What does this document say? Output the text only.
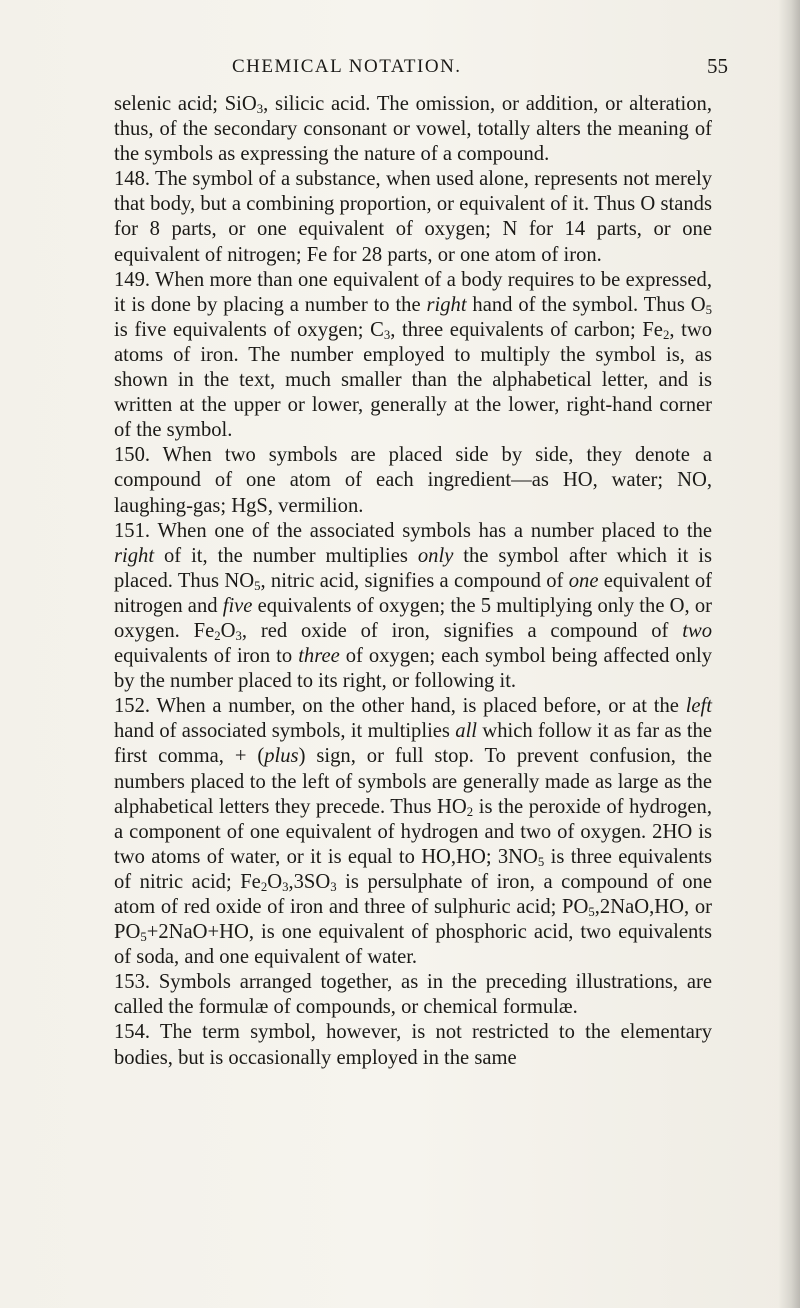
CHEMICAL NOTATION.	55

selenic acid; SiO$_3$, silicic acid. The omission, or addition, or alteration, thus, of the secondary consonant or vowel, totally alters the meaning of the symbols as expressing the nature of a compound.

148. The symbol of a substance, when used alone, represents not merely that body, but a combining proportion, or equivalent of it. Thus O stands for 8 parts, or one equivalent of oxygen; N for 14 parts, or one equivalent of nitrogen; Fe for 28 parts, or one atom of iron.

149. When more than one equivalent of a body requires to be expressed, it is done by placing a number to the right hand of the symbol. Thus $O_5$ is five equivalents of oxygen; $C_3$, three equivalents of carbon; $Fe_2$, two atoms of iron. The number employed to multiply the symbol is, as shown in the text, much smaller than the alphabetical letter, and is written at the upper or lower, generally at the lower, right-hand corner of the symbol.

150. When two symbols are placed side by side, they denote a compound of one atom of each ingredient—as HO, water; NO, laughing-gas; HgS, vermilion.

151. When one of the associated symbols has a number placed to the right of it, the number multiplies only the symbol after which it is placed. Thus $NO_5$, nitric acid, signifies a compound of one equivalent of nitrogen and five equivalents of oxygen; the 5 multiplying only the O, or oxygen. $Fe_2O_3$, red oxide of iron, signifies a compound of two equivalents of iron to three of oxygen; each symbol being affected only by the number placed to its right, or following it.

152. When a number, on the other hand, is placed before, or at the left hand of associated symbols, it multiplies all which follow it as far as the first comma, + (plus) sign, or full stop. To prevent confusion, the numbers placed to the left of symbols are generally made as large as the alphabetical letters they precede. Thus $HO_2$ is the peroxide of hydrogen, a component of one equivalent of hydrogen and two of oxygen. 2HO is two atoms of water, or it is equal to HO,HO; $3NO_5$ is three equivalents of nitric acid; $Fe_2O_3,3SO_3$ is persulphate of iron, a compound of one atom of red oxide of iron and three of sulphuric acid; $PO_5,2NaO,HO$, or $PO_5+2NaO+HO$, is one equivalent of phosphoric acid, two equivalents of soda, and one equivalent of water.

153. Symbols arranged together, as in the preceding illustrations, are called the formulæ of compounds, or chemical formulæ.

154. The term symbol, however, is not restricted to the elementary bodies, but is occasionally employed in the same
